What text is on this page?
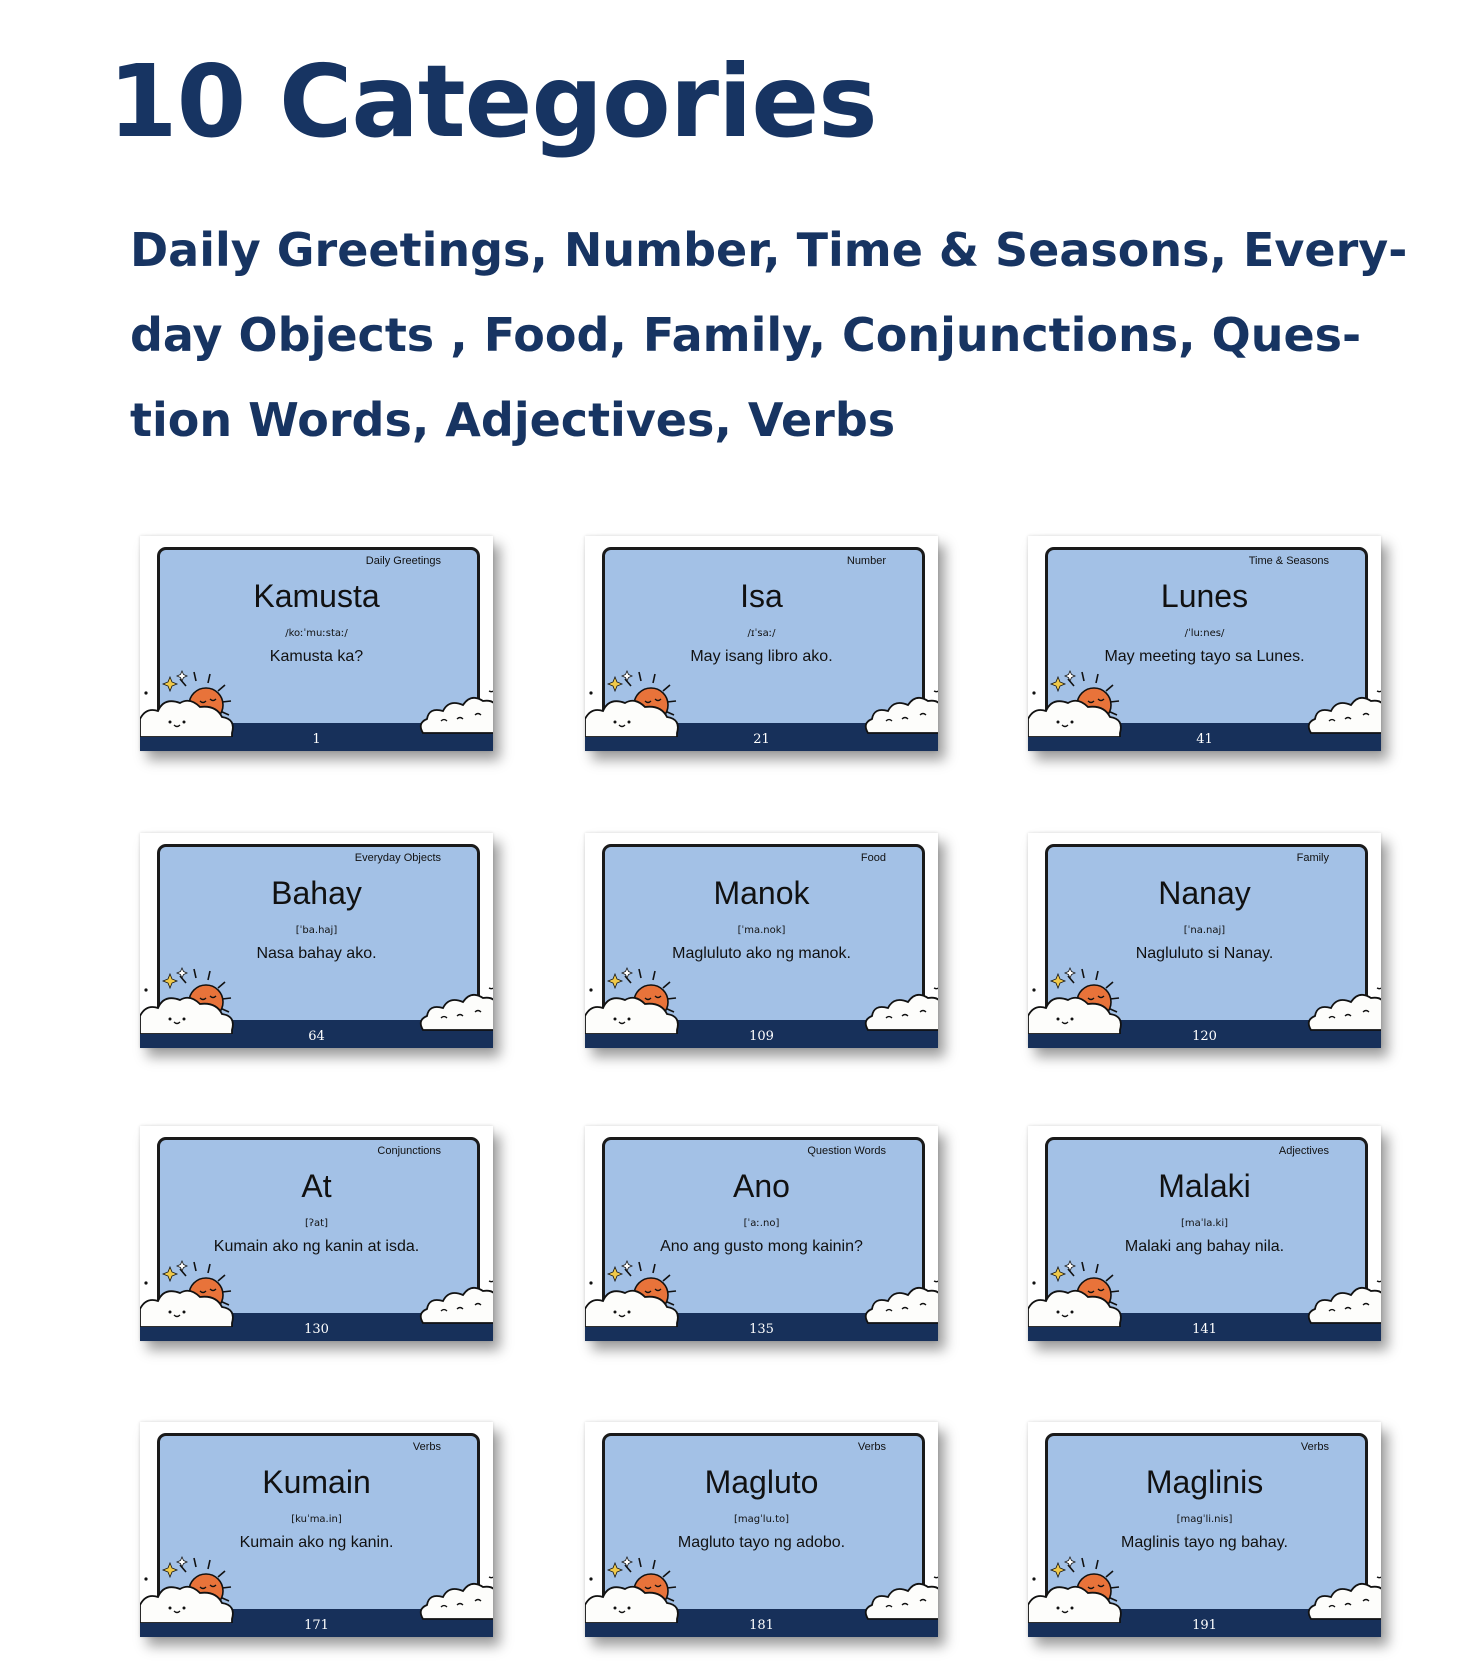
10 Categories
Daily Greetings, Number, Time & Seasons, Every-
day Objects , Food, Family, Conjunctions, Ques-
tion Words, Adjectives, Verbs
Daily Greetings
Kamusta
/koːˈmuːstaː/
Kamusta ka?
1
Number
Isa
/ɪˈsaː/
May isang libro ako.
21
Time & Seasons
Lunes
/ˈluːnes/
May meeting tayo sa Lunes.
41
Everyday Objects
Bahay
[ˈba.haj]
Nasa bahay ako.
64
Food
Manok
[ˈma.nok]
Magluluto ako ng manok.
109
Family
Nanay
[ˈna.naj]
Nagluluto si Nanay.
120
Conjunctions
At
[ʔat]
Kumain ako ng kanin at isda.
130
Question Words
Ano
[ˈaː.no]
Ano ang gusto mong kainin?
135
Adjectives
Malaki
[maˈla.ki]
Malaki ang bahay nila.
141
Verbs
Kumain
[kuˈma.in]
Kumain ako ng kanin.
171
Verbs
Magluto
[magˈlu.to]
Magluto tayo ng adobo.
181
Verbs
Maglinis
[magˈli.nis]
Maglinis tayo ng bahay.
191
